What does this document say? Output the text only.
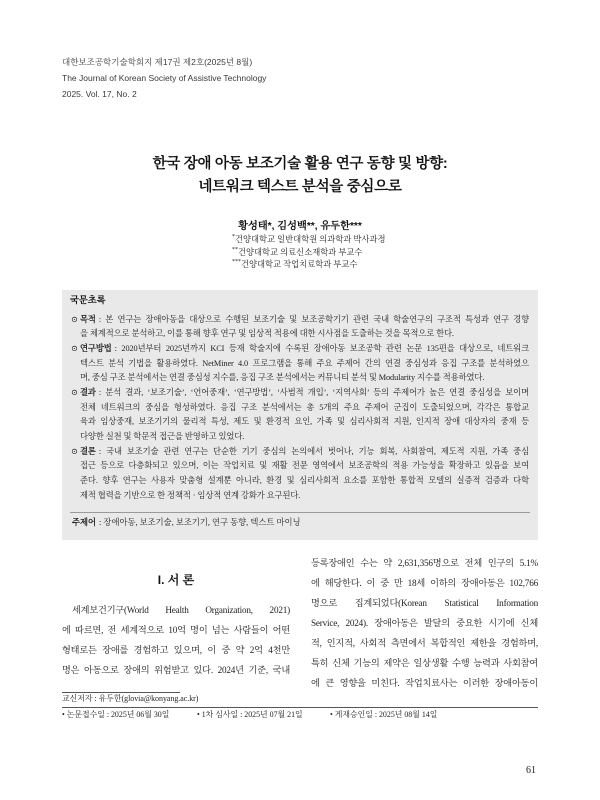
대한보조공학기술학회지 제17권 제2호(2025년 8월)
The Journal of Korean Society of Assistive Technology
2025. Vol. 17, No. 2
한국 장애 아동 보조기술 활용 연구 동향 및 방향:
네트워크 텍스트 분석을 중심으로
황성태*, 김성백**, 유두한***
*건양대학교 일반대학원 의과학과 박사과정
**건양대학교 의료신소재학과 부교수
***건양대학교 작업치료학과 부교수
국문초록
⊙ 목적 : 본 연구는 장애아동을 대상으로 수행된 보조기술 및 보조공학기기 관련 국내 학술연구의 구조적 특성과 연구 경향
을 체계적으로 분석하고, 이를 통해 향후 연구 및 임상적 적용에 대한 시사점을 도출하는 것을 목적으로 한다.
⊙ 연구방법 : 2020년부터 2025년까지 KCI 등재 학술지에 수록된 장애아동 보조공학 관련 논문 135편을 대상으로, 네트워크
텍스트 분석 기법을 활용하였다. NetMiner 4.0 프로그램을 통해 주요 주제어 간의 연결 중심성과 응집 구조를 분석하였으
며, 중심 구조 분석에서는 연결 중심성 지수를, 응집 구조 분석에서는 커뮤니티 분석 및 Modularity 지수를 적용하였다.
⊙ 결과 : 분석 결과, ‘보조기술’, ‘언어중재’, ‘연구방법’, ‘사범적 개입’, ‘지역사회’ 등의 주제어가 높은 연결 중심성을 보이며
전체 네트워크의 중심을 형성하였다. 응집 구조 분석에서는 총 5개의 주요 주제어 군집이 도출되었으며, 각각은 통합교
육과 임상중재, 보조기기의 물리적 특성, 제도 및 환경적 요인, 가족 및 심리사회적 지원, 인지적 장애 대상자의 중재 등
다양한 실천 및 학문적 접근을 반영하고 있었다.
⊙ 결론 : 국내 보조기술 관련 연구는 단순한 기기 중심의 논의에서 벗어나, 기능 회복, 사회참여, 제도적 지원, 가족 중심
접근 등으로 다층화되고 있으며, 이는 작업치료 및 재활 전문 영역에서 보조공학의 적용 가능성을 확장하고 있음을 보여
준다. 향후 연구는 사용자 맞춤형 설계뿐 아니라, 환경 및 심리사회적 요소를 포함한 통합적 모델의 실증적 검증과 다학
제적 협력을 기반으로 한 정책적 · 임상적 연계 강화가 요구된다.
주제어 : 장애아동, 보조기술, 보조기기, 연구 동향, 텍스트 마이닝
I. 서 론
세계보건기구(World Health Organization, 2021)
에 따르면, 전 세계적으로 10억 명이 넘는 사람들이 어떤
형태로든 장애를 경험하고 있으며, 이 중 약 2억 4천만
명은 아동으로 장애의 위험받고 있다. 2024년 기준, 국내
등록장애인 수는 약 2,631,356명으로 전체 인구의 5.1%
에 해당한다. 이 중 만 18세 이하의 장애아동은 102,766
명으로 집계되었다(Korean Statistical Information
Service, 2024). 장애아동은 발달의 중요한 시기에 신체
적, 인지적, 사회적 측면에서 복합적인 제한을 경험하며,
특히 신체 기능의 제약은 일상생활 수행 능력과 사회참여
에 큰 영향을 미친다. 작업치료사는 이러한 장애아동이
교신저자 : 유두한(glovia@konyang.ac.kr)
• 논문접수일 : 2025년 06월 30일	• 1차 심사일 : 2025년 07월 21일	• 게재승인일 : 2025년 08월 14일
61
